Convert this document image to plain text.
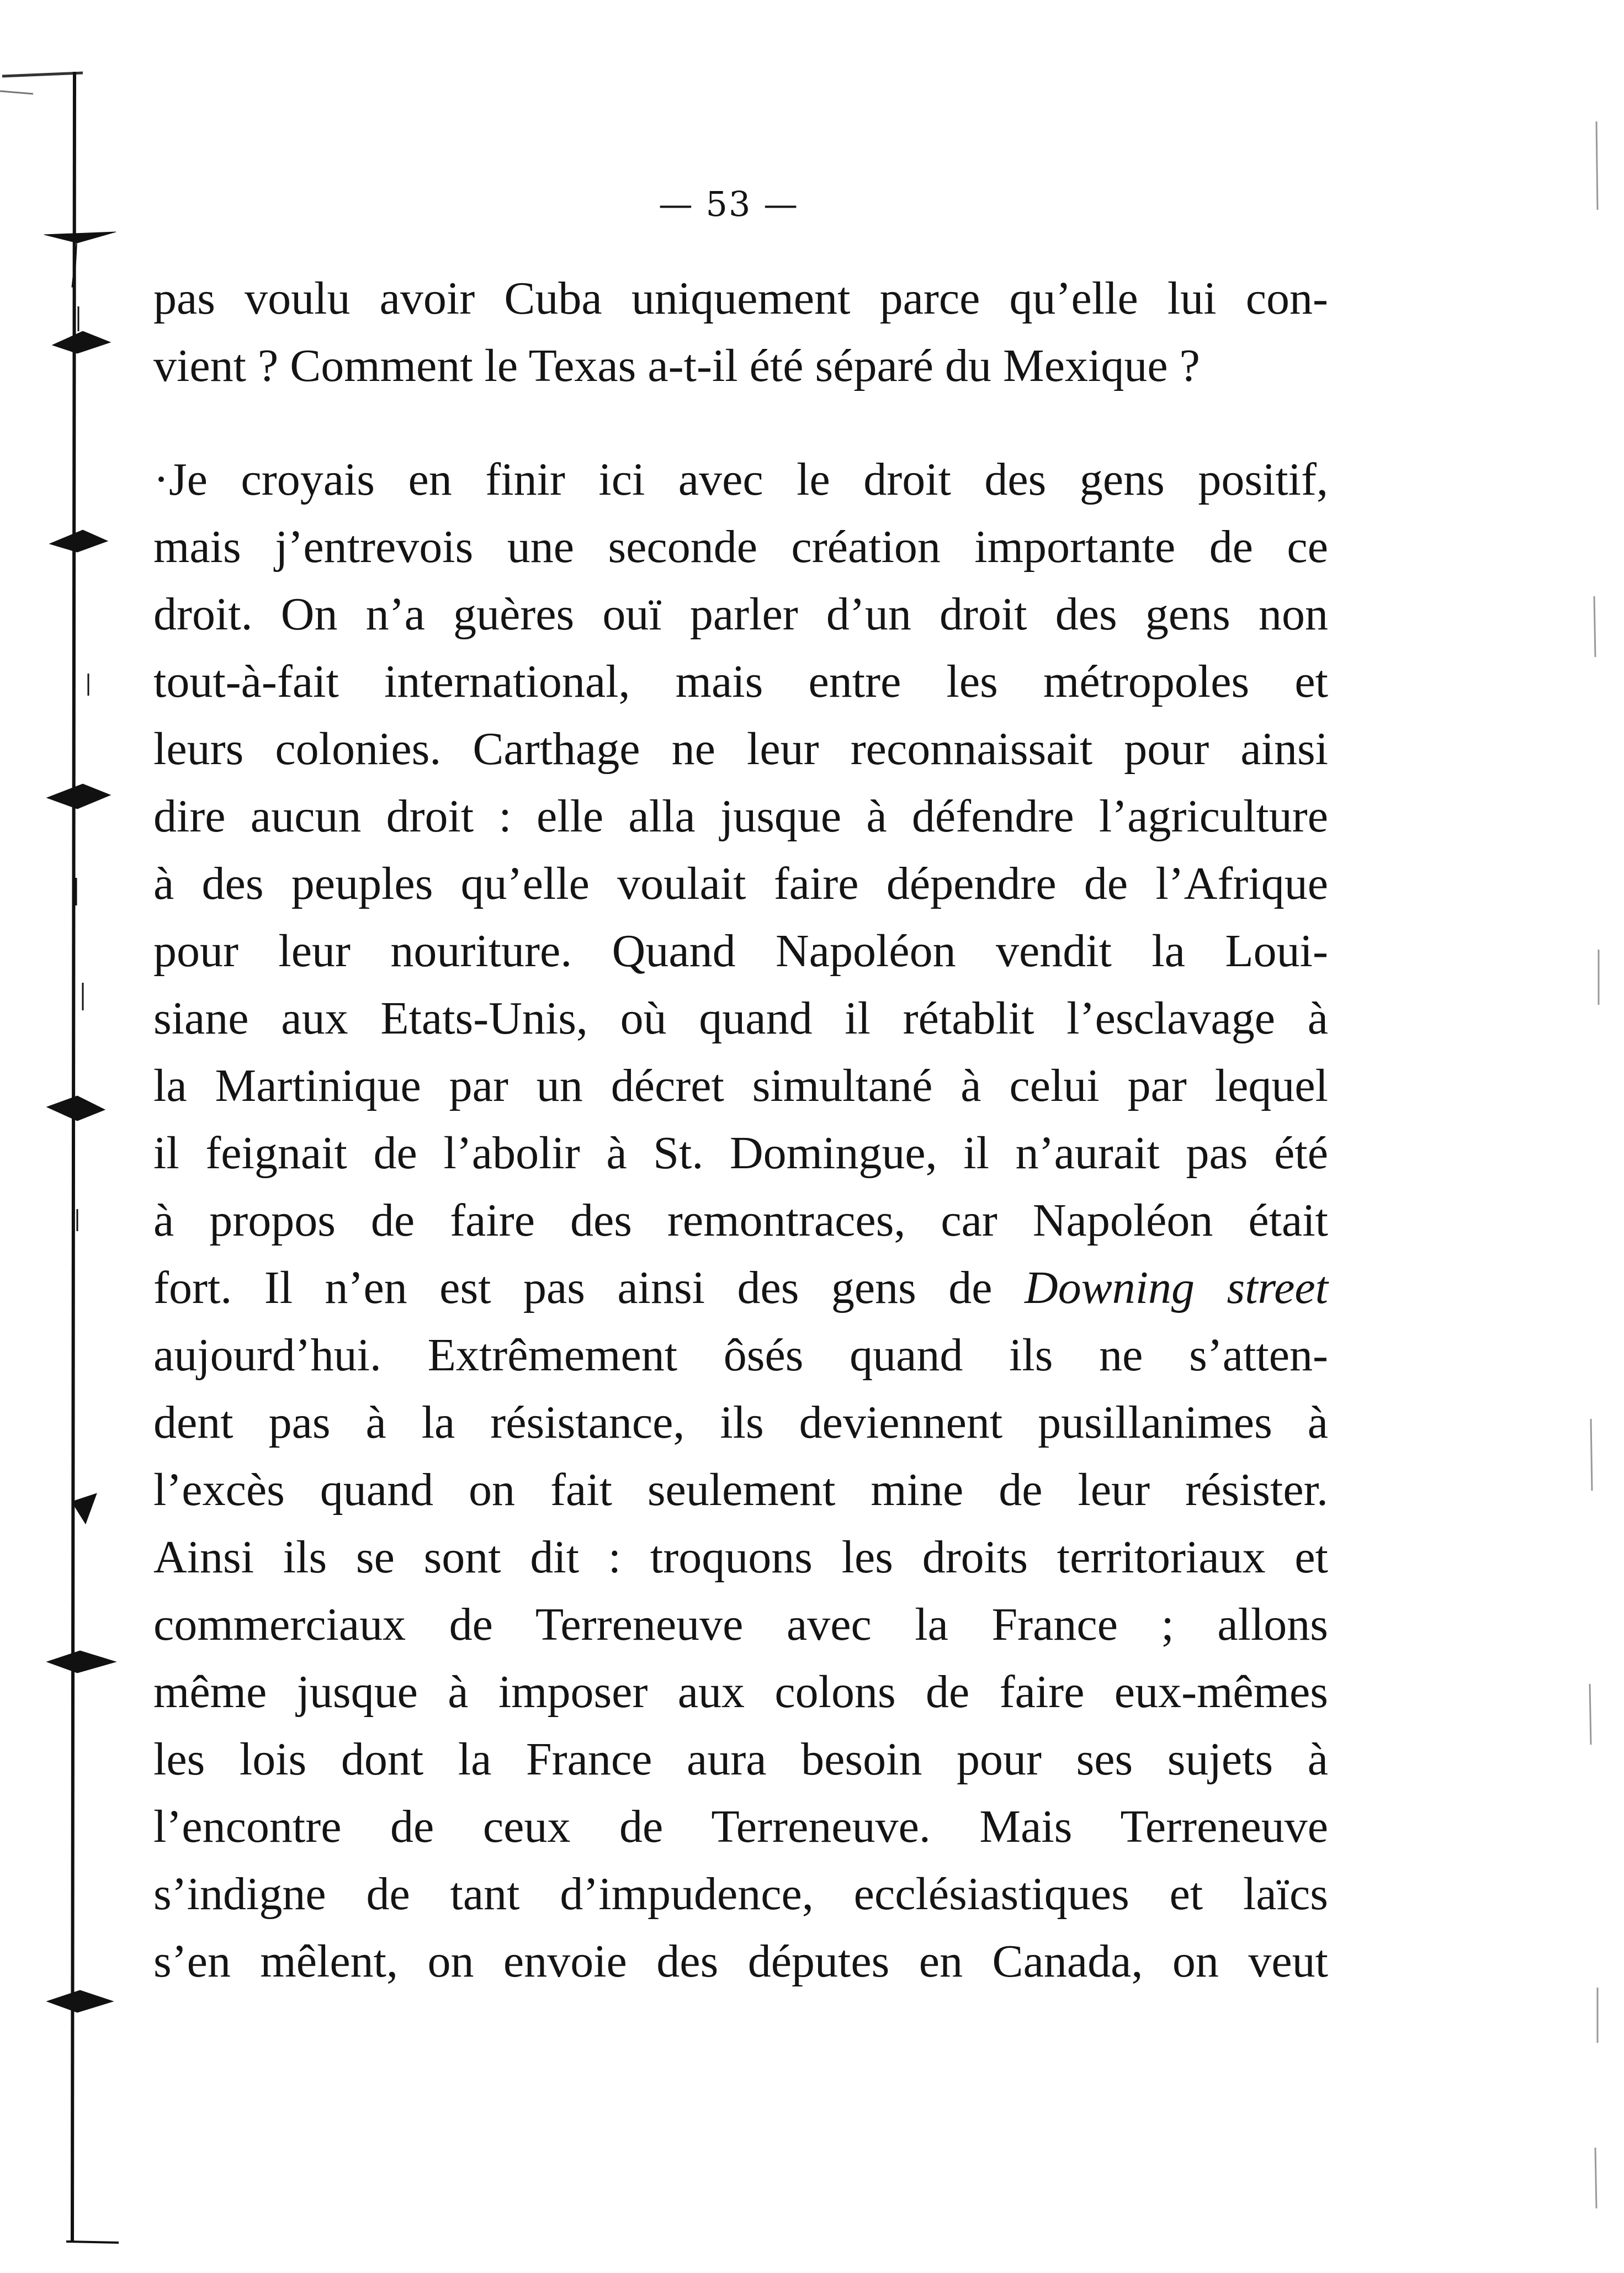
— 53 —
pas voulu avoir Cuba uniquement parce qu’elle lui con-
vient ? Comment le Texas a-t-il été séparé du Mexique ?
·Je croyais en finir ici avec le droit des gens positif,
mais j’entrevois une seconde création importante de ce
droit. On n’a guères ouï parler d’un droit des gens non
tout-à-fait international, mais entre les métropoles et
leurs colonies. Carthage ne leur reconnaissait pour ainsi
dire aucun droit : elle alla jusque à défendre l’agriculture
à des peuples qu’elle voulait faire dépendre de l’Afrique
pour leur nouriture. Quand Napoléon vendit la Loui-
siane aux Etats-Unis, où quand il rétablit l’esclavage à
la Martinique par un décret simultané à celui par lequel
il feignait de l’abolir à St. Domingue, il n’aurait pas été
à propos de faire des remontraces, car Napoléon était
fort. Il n’en est pas ainsi des gens de Downing street
aujourd’hui. Extrêmement ôsés quand ils ne s’atten-
dent pas à la résistance, ils deviennent pusillanimes à
l’excès quand on fait seulement mine de leur résister.
Ainsi ils se sont dit : troquons les droits territoriaux et
commerciaux de Terreneuve avec la France ; allons
même jusque à imposer aux colons de faire eux-mêmes
les lois dont la France aura besoin pour ses sujets à
l’encontre de ceux de Terreneuve. Mais Terreneuve
s’indigne de tant d’impudence, ecclésiastiques et laïcs
s’en mêlent, on envoie des députes en Canada, on veut
